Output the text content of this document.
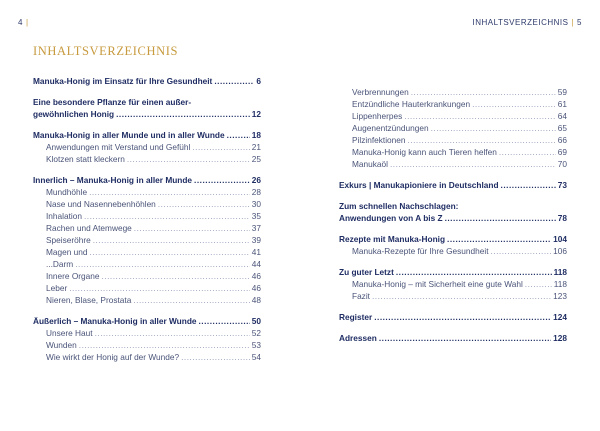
4 |	INHALTSVERZEICHNIS | 5
INHALTSVERZEICHNIS
Manuka-Honig im Einsatz für Ihre Gesundheit .....	6
Eine besondere Pflanze für einen außer-
gewöhnlichen Honig .....	12
Manuka-Honig in aller Munde und in aller Wunde .....	18
Anwendungen mit Verstand und Gefühl .....	21
Klotzen statt kleckern .....	25
Innerlich – Manuka-Honig in aller Munde .....	26
Mundhöhle .....	28
Nase und Nasennebenhöhlen .....	30
Inhalation .....	35
Rachen und Atemwege .....	37
Speiseröhre .....	39
Magen und .....	41
...Darm .....	44
Innere Organe .....	46
Leber .....	46
Nieren, Blase, Prostata .....	48
Äußerlich – Manuka-Honig in aller Wunde .....	50
Unsere Haut .....	52
Wunden .....	53
Wie wirkt der Honig auf der Wunde? .....	54
Verbrennungen .....	59
Entzündliche Hauterkrankungen .....	61
Lippenherpes .....	64
Augenentzündungen .....	65
Pilzinfektionen .....	66
Manuka-Honig kann auch Tieren helfen .....	69
Manukaöl .....	70
Exkurs | Manukapioniere in Deutschland .....	73
Zum schnellen Nachschlagen:
Anwendungen von A bis Z .....	78
Rezepte mit Manuka-Honig .....	104
Manuka-Rezepte für Ihre Gesundheit .....	106
Zu guter Letzt .....	118
Manuka-Honig – mit Sicherheit eine gute Wahl .....	118
Fazit .....	123
Register .....	124
Adressen .....	128
